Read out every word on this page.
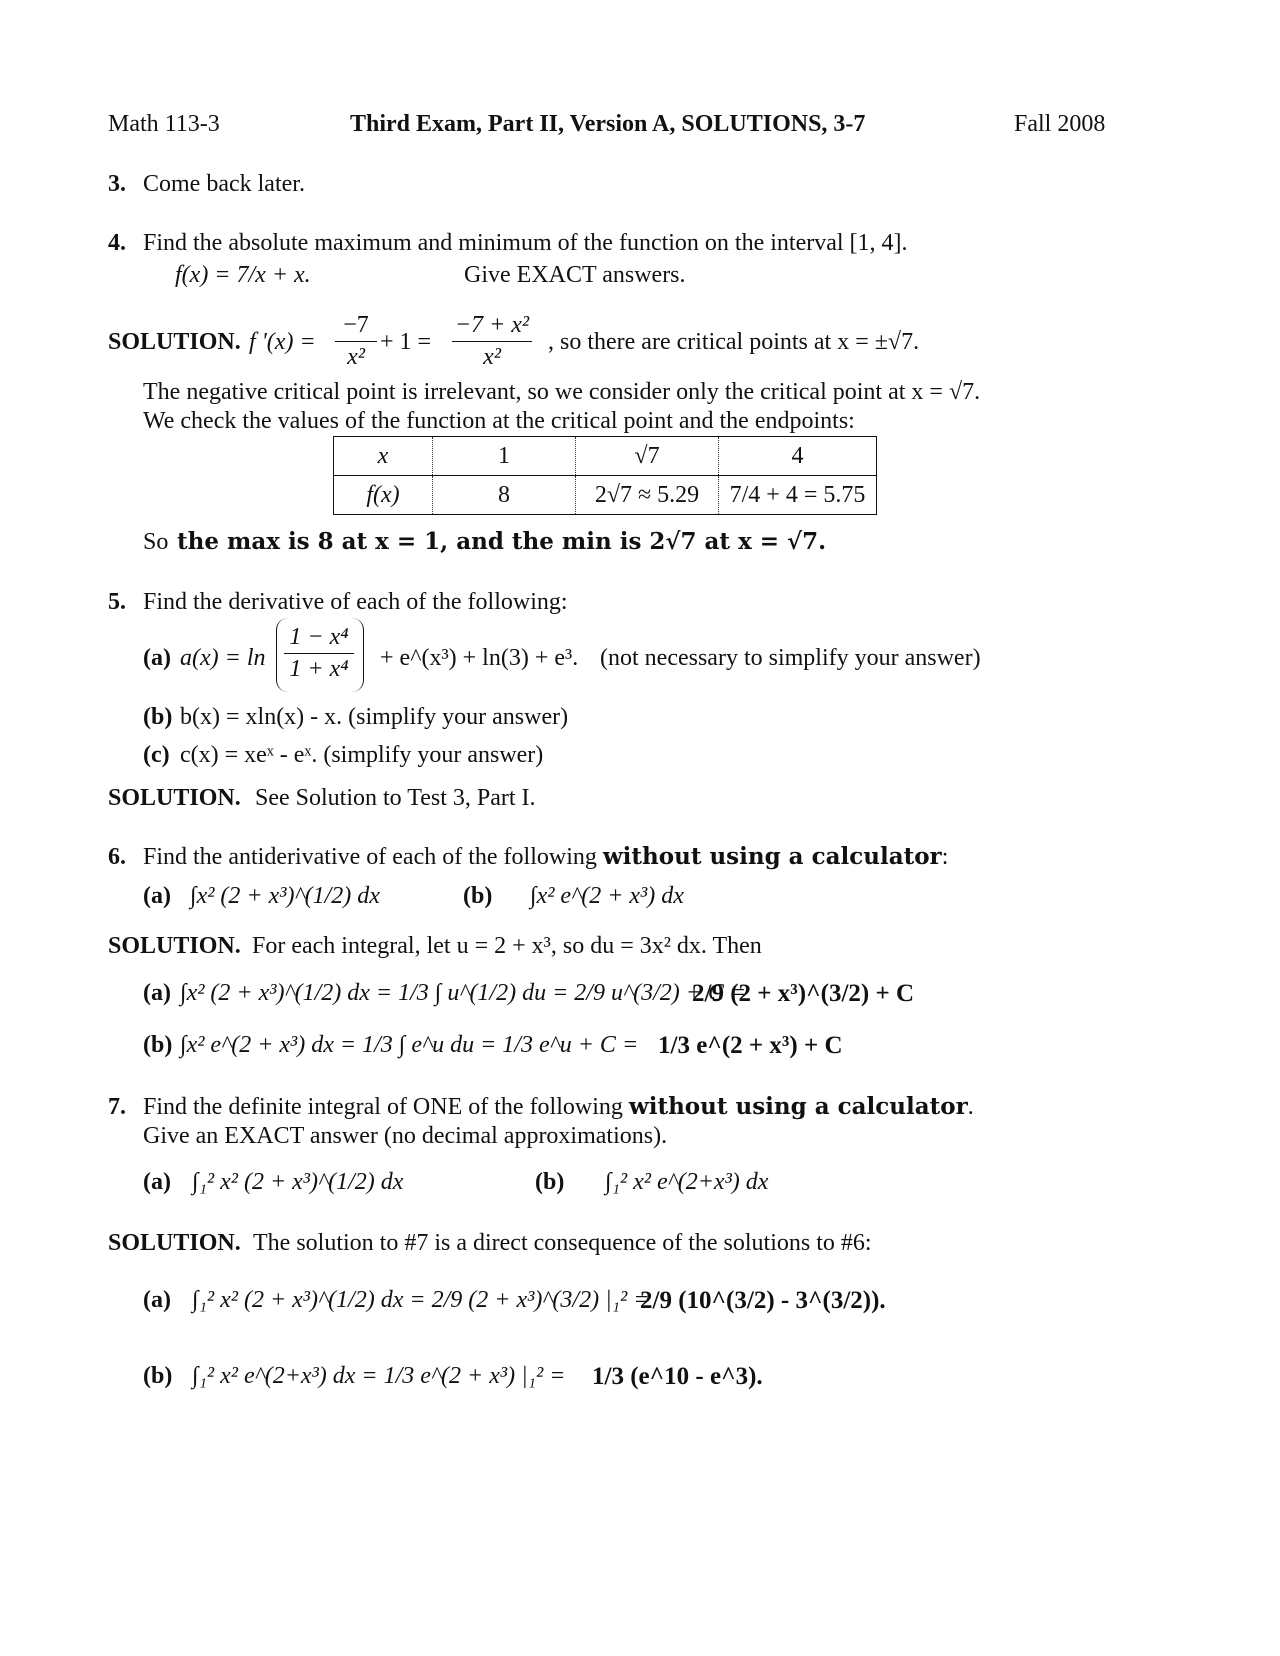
Math 113-3	Third Exam, Part II, Version A, SOLUTIONS, 3-7	Fall 2008
3. Come back later.
4. Find the absolute maximum and minimum of the function on the interval [1, 4].
f(x) = 7/x + x.	Give EXACT answers.
SOLUTION. f '$(x) = \frac{-7}{\text{x²}} + 1 = \frac{\text{−7 + x²}}{\text{x²}}$ , so there are critical points at x = ±√7.
The negative critical point is irrelevant, so we consider only the critical point at x = √7.
We check the values of the function at the critical point and the endpoints:
x	1	√7	4
f(x)	8	2√7 ≈ 5.29	7/4 + 4 = 5.75
So the max is 8 at x = 1, and the min is 2√7 at x = √7.
5. Find the derivative of each of the following:
(a) $a(x) = \ln \frac{\text{1 − x⁴}}{\text{1 + x⁴}}$ + e^(x³) + ln(3) + e³. (not necessary to simplify your answer)
(b) b(x) = xln(x) - x. (simplify your answer)
(c) c(x) = xeˣ - eˣ. (simplify your answer)
SOLUTION. See Solution to Test 3, Part I.
6. Find the antiderivative of each of the following without using a calculator:
(a) ∫x² (2 + x³)^(1/2) dx	(b) ∫x² e^(2 + x³) dx
SOLUTION. For each integral, let u = 2 + x³, so du = 3x² dx. Then
(a) ∫x² (2 + x³)^(1/2) dx = 1/3 ∫ u^(1/2) du = 2/9 u^(3/2) + C =
2/9 (2 + x³)^(3/2) + C
(b) ∫x² e^(2 + x³) dx = 1/3 ∫ e^u du = 1/3 e^u + C = 1/3 e^(2 + x³) + C
7. Find the definite integral of ONE of the following without using a calculator.
Give an EXACT answer (no decimal approximations).
(a) ∫₁² x² (2 + x³)^(1/2) dx	(b) ∫₁² x² e^(2+x³) dx
SOLUTION. The solution to #7 is a direct consequence of the solutions to #6:
(a) ∫₁² x² (2 + x³)^(1/2) dx = 2/9 (2 + x³)^(3/2) |₁² =
2/9 (10^(3/2) - 3^(3/2)).
(b) ∫₁² x² e^(2+x³) dx = 1/3 e^(2 + x³) |₁² = 1/3 (e^10 - e^3).
